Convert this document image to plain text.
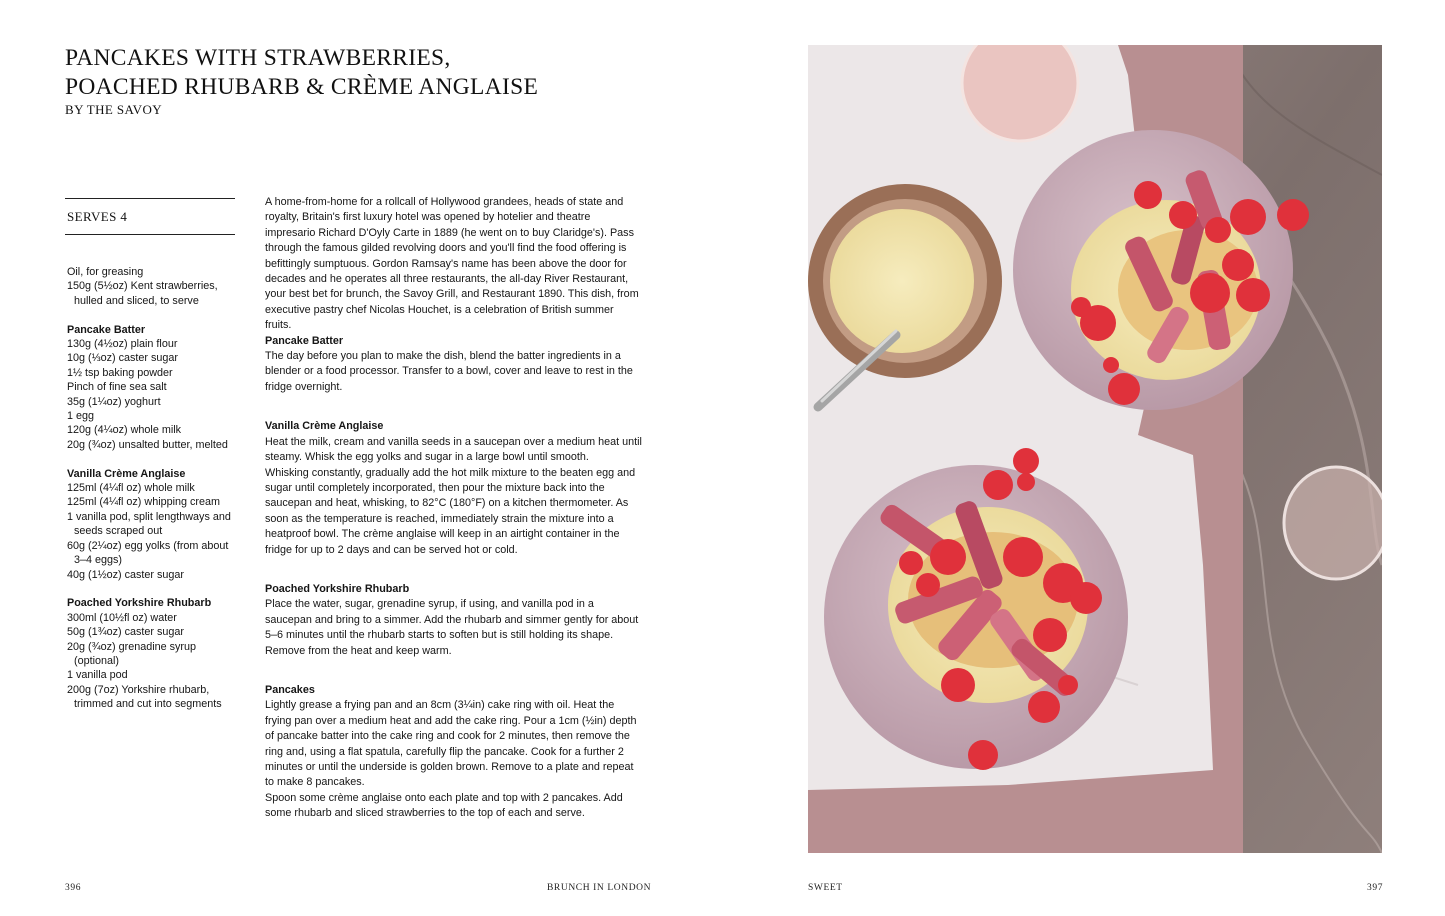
PANCAKES WITH STRAWBERRIES,
POACHED RHUBARB & CRÈME ANGLAISE
BY THE SAVOY
SERVES 4
Oil, for greasing
150g (5½oz) Kent strawberries, hulled and sliced, to serve
Pancake Batter
130g (4½oz) plain flour
10g (⅓oz) caster sugar
1½ tsp baking powder
Pinch of fine sea salt
35g (1¼oz) yoghurt
1 egg
120g (4¼oz) whole milk
20g (¾oz) unsalted butter, melted
Vanilla Crème Anglaise
125ml (4¼fl oz) whole milk
125ml (4¼fl oz) whipping cream
1 vanilla pod, split lengthways and seeds scraped out
60g (2¼oz) egg yolks (from about 3–4 eggs)
40g (1½oz) caster sugar
Poached Yorkshire Rhubarb
300ml (10½fl oz) water
50g (1¾oz) caster sugar
20g (¾oz) grenadine syrup (optional)
1 vanilla pod
200g (7oz) Yorkshire rhubarb, trimmed and cut into segments

A home-from-home for a rollcall of Hollywood grandees, heads of state and royalty, Britain's first luxury hotel was opened by hotelier and theatre impresario Richard D'Oyly Carte in 1889 (he went on to buy Claridge's). Pass through the famous gilded revolving doors and you'll find the food offering is befittingly sumptuous. Gordon Ramsay's name has been above the door for decades and he operates all three restaurants, the all-day River Restaurant, your best bet for brunch, the Savoy Grill, and Restaurant 1890. This dish, from executive pastry chef Nicolas Houchet, is a celebration of British summer fruits.

Pancake Batter

The day before you plan to make the dish, blend the batter ingredients in a blender or a food processor. Transfer to a bowl, cover and leave to rest in the fridge overnight.

Vanilla Crème Anglaise

Heat the milk, cream and vanilla seeds in a saucepan over a medium heat until steamy. Whisk the egg yolks and sugar in a large bowl until smooth.

Whisking constantly, gradually add the hot milk mixture to the beaten egg and sugar until completely incorporated, then pour the mixture back into the saucepan and heat, whisking, to 82°C (180°F) on a kitchen thermometer. As soon as the temperature is reached, immediately strain the mixture into a heatproof bowl. The crème anglaise will keep in an airtight container in the fridge for up to 2 days and can be served hot or cold.

Poached Yorkshire Rhubarb

Place the water, sugar, grenadine syrup, if using, and vanilla pod in a saucepan and bring to a simmer. Add the rhubarb and simmer gently for about 5–6 minutes until the rhubarb starts to soften but is still holding its shape. Remove from the heat and keep warm.

Pancakes

Lightly grease a frying pan and an 8cm (3¼in) cake ring with oil. Heat the frying pan over a medium heat and add the cake ring. Pour a 1cm (½in) depth of pancake batter into the cake ring and cook for 2 minutes, then remove the ring and, using a flat spatula, carefully flip the pancake. Cook for a further 2 minutes or until the underside is golden brown. Remove to a plate and repeat to make 8 pancakes.

Spoon some crème anglaise onto each plate and top with 2 pancakes. Add some rhubarb and sliced strawberries to the top of each and serve.

396	BRUNCH IN LONDON	SWEET	397
